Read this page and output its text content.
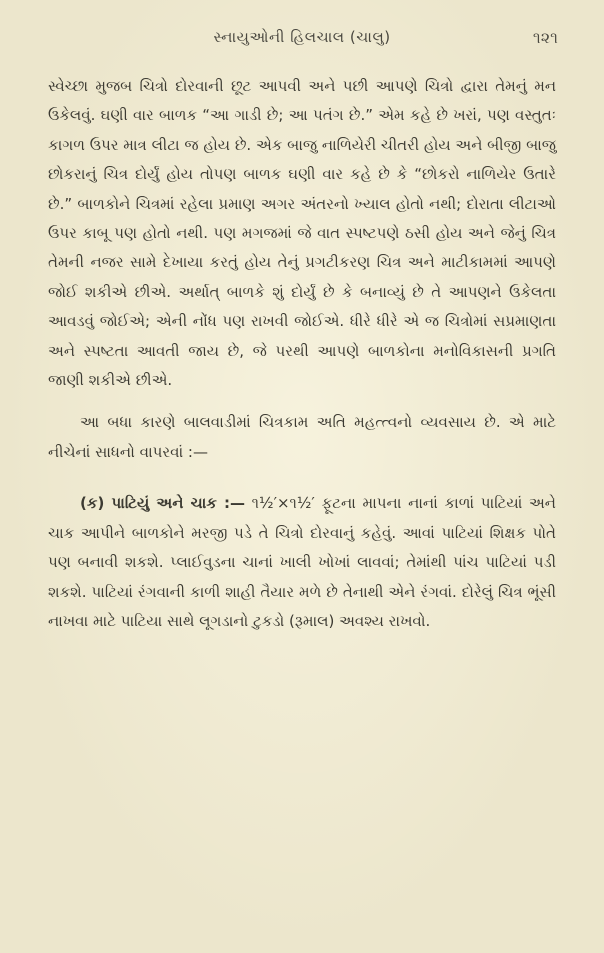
સ્નાયુઓની હિલચાલ (ચાલુ)	૧૨૧

સ્વેચ્છા મુજબ ચિત્રો દોરવાની છૂટ આપવી અને પછી આપણે ચિત્રો દ્વારા તેમનું મન ઉકેલવું. ઘણી વાર બાળક “આ ગાડી છે; આ પતંગ છે.” એમ કહે છે ખરાં, પણ વસ્તુતઃ કાગળ ઉપર માત્ર લીટા જ હોય છે. એક બાજુ નાળિયેરી ચીતરી હોય અને બીજી બાજુ છોકરાનું ચિત્ર દોર્યું હોય તોપણ બાળક ઘણી વાર કહે છે કે “છોકરો નાળિયેર ઉતારે છે.” બાળકોને ચિત્રમાં રહેલા પ્રમાણ અગર અંતરનો ખ્યાલ હોતો નથી; દોરાતા લીટાઓ ઉપર કાબૂ પણ હોતો નથી. પણ મગજમાં જે વાત સ્પષ્ટપણે ઠસી હોય અને જેનું ચિત્ર તેમની નજર સામે દેખાયા કરતું હોય તેનું પ્રગટીકરણ ચિત્ર અને માટીકામમાં આપણે જોઈ શકીએ છીએ. અર્થાત્ બાળકે શું દોર્યું છે કે બનાવ્યું છે તે આપણને ઉકેલતા આવડવું જોઈએ; એની નોંધ પણ રાખવી જોઈએ. ધીરે ધીરે એ જ ચિત્રોમાં સપ્રમાણતા અને સ્પષ્ટતા આવતી જાય છે, જે પરથી આપણે બાળકોના મનોવિકાસની પ્રગતિ જાણી શકીએ છીએ.

આ બધા કારણે બાલવાડીમાં ચિત્રકામ અતિ મહત્ત્વનો વ્યવસાય છે. એ માટે નીચેનાં સાધનો વાપરવાં :—

(ક) પાટિયું અને ચાક :— ૧½′×૧½′ ફૂટના માપના નાનાં કાળાં પાટિયાં અને ચાક આપીને બાળકોને મરજી પડે તે ચિત્રો દોરવાનું કહેવું. આવાં પાટિયાં શિક્ષક પોતે પણ બનાવી શકશે. પ્લાઈવુડના ચાનાં ખાલી ખોખાં લાવવાં; તેમાંથી પાંચ પાટિયાં પડી શકશે. પાટિયાં રંગવાની કાળી શાહી તૈયાર મળે છે તેનાથી એને રંગવાં. દોરેલું ચિત્ર ભૂંસી નાખવા માટે પાટિયા સાથે લૂગડાનો ટુકડો (રૂમાલ) અવશ્ય રાખવો.
